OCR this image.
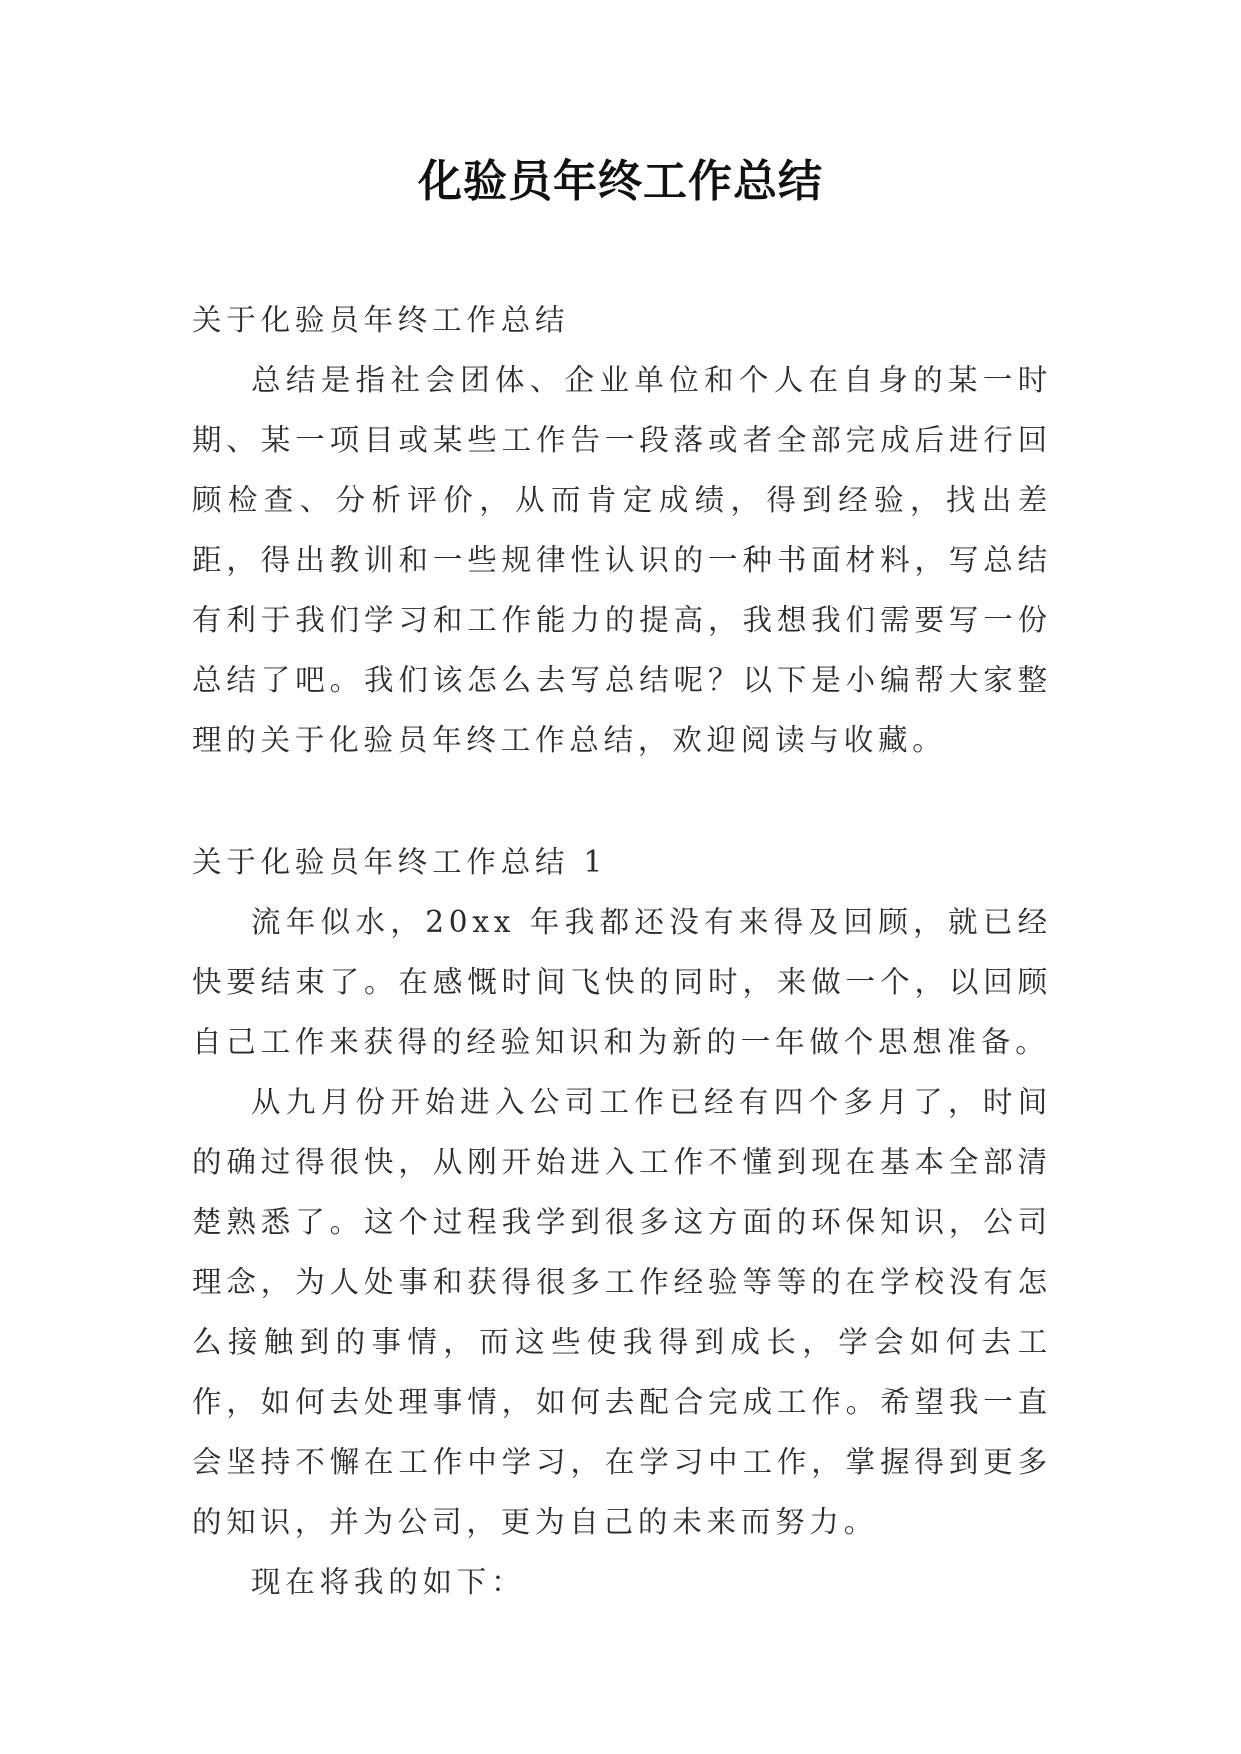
化验员年终工作总结

关于化验员年终工作总结

总结是指社会团体、企业单位和个人在自身的某一时期、某一项目或某些工作告一段落或者全部完成后进行回顾检查、分析评价，从而肯定成绩，得到经验，找出差距，得出教训和一些规律性认识的一种书面材料，写总结有利于我们学习和工作能力的提高，我想我们需要写一份总结了吧。我们该怎么去写总结呢？以下是小编帮大家整理的关于化验员年终工作总结，欢迎阅读与收藏。

关于化验员年终工作总结 1

流年似水，20xx 年我都还没有来得及回顾，就已经快要结束了。在感慨时间飞快的同时，来做一个，以回顾自己工作来获得的经验知识和为新的一年做个思想准备。

从九月份开始进入公司工作已经有四个多月了，时间的确过得很快，从刚开始进入工作不懂到现在基本全部清楚熟悉了。这个过程我学到很多这方面的环保知识，公司理念，为人处事和获得很多工作经验等等的在学校没有怎么接触到的事情，而这些使我得到成长，学会如何去工作，如何去处理事情，如何去配合完成工作。希望我一直会坚持不懈在工作中学习，在学习中工作，掌握得到更多的知识，并为公司，更为自己的未来而努力。

现在将我的如下：
